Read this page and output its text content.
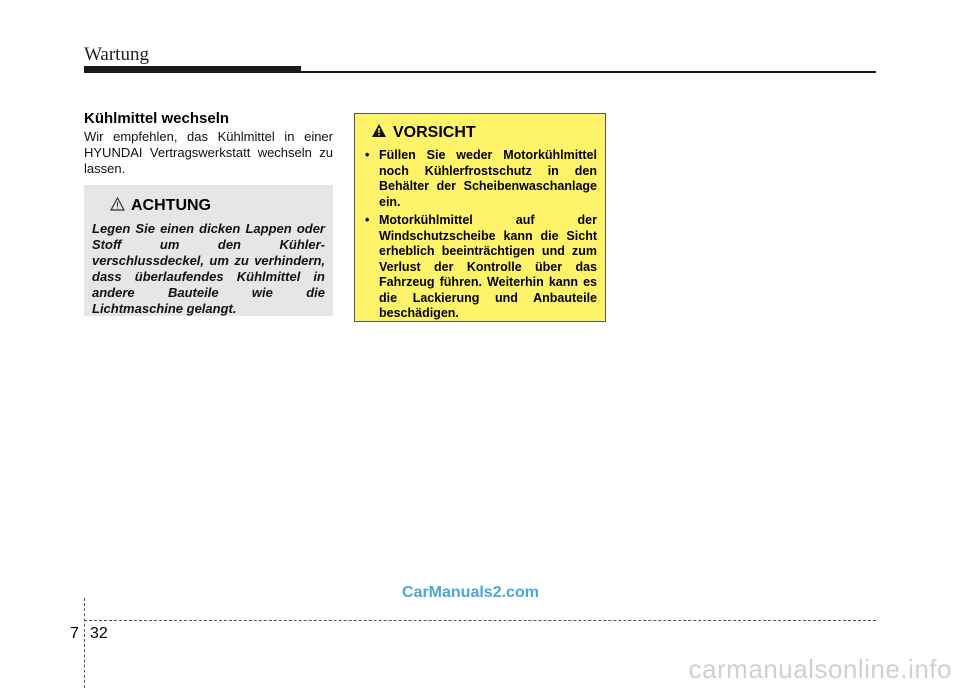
Wartung
Kühlmittel wechseln
Wir empfehlen, das Kühlmittel in einer HYUNDAI Vertragswerkstatt wechseln zu lassen.
ACHTUNG
Legen Sie einen dicken Lappen oder Stoff um den Kühler-verschlussdeckel, um zu verhindern, dass überlaufendes Kühlmittel in andere Bauteile wie die Lichtmaschine gelangt.
VORSICHT
• Füllen Sie weder Motorkühlmittel noch Kühlerfrostschutz in den Behälter der Scheibenwaschanlage ein.
• Motorkühlmittel auf der Windschutzscheibe kann die Sicht erheblich beeinträchtigen und zum Verlust der Kontrolle über das Fahrzeug führen. Weiterhin kann es die Lackierung und Anbauteile beschädigen.
CarManuals2.com
7 32
carmanualsonline.info
